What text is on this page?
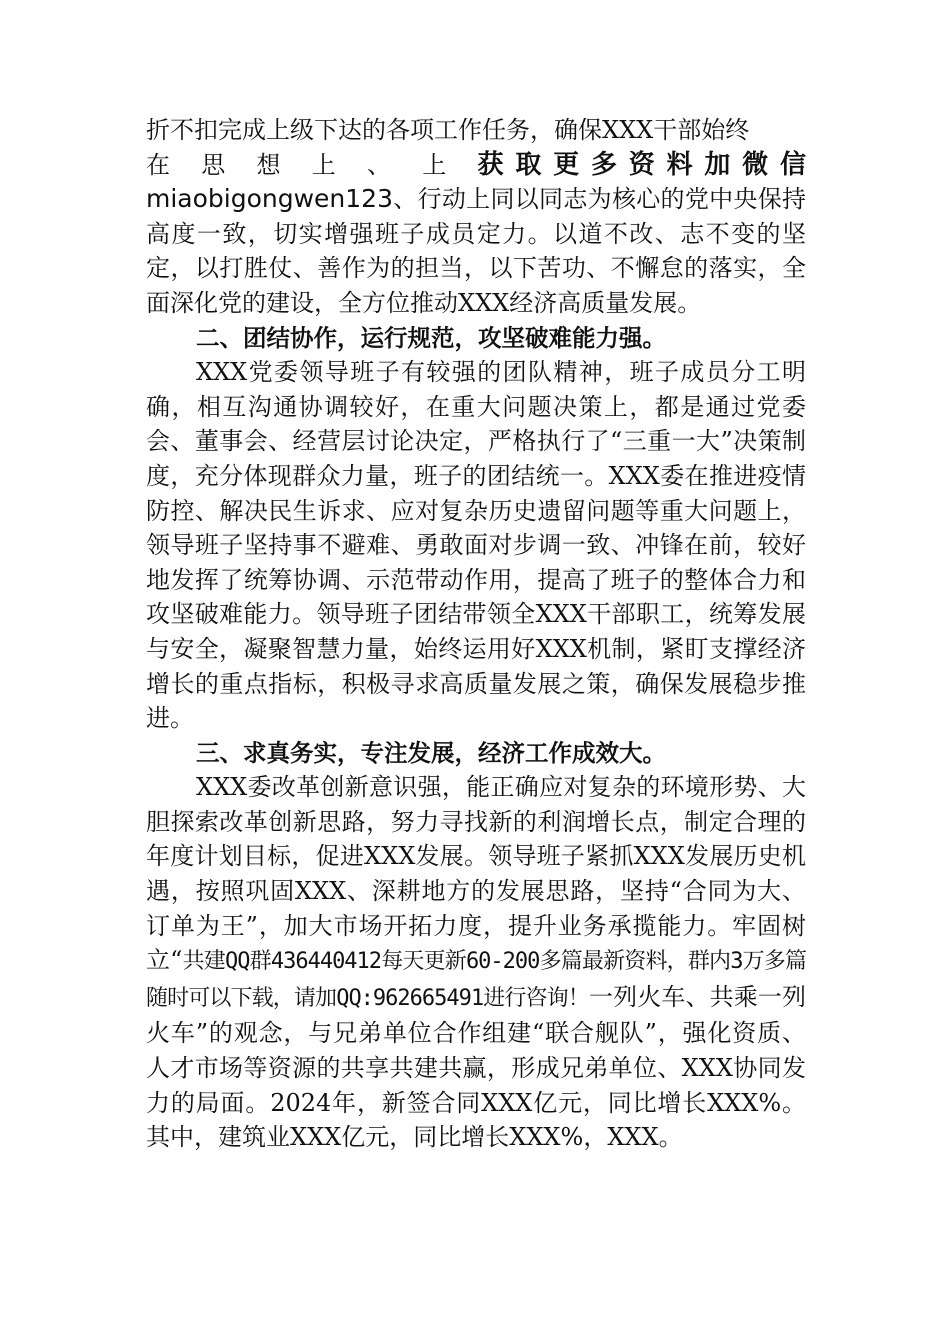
折不扣完成上级下达的各项工作任务，确保XXX干部始终

在 思 想 上 、 上 获取更多资料加微信
miaobigongwen123、行动上同以同志为核心的党中央保持高度一致，切实增强班子成员定力。以道不改、志不变的坚定，以打胜仗、善作为的担当，以下苦功、不懈怠的落实，全面深化党的建设，全方位推动XXX经济高质量发展。

二、团结协作，运行规范，攻坚破难能力强。

XXX党委领导班子有较强的团队精神，班子成员分工明确，相互沟通协调较好，在重大问题决策上，都是通过党委会、董事会、经营层讨论决定，严格执行了“三重一大”决策制度，充分体现群众力量，班子的团结统一。XXX委在推进疫情防控、解决民生诉求、应对复杂历史遗留问题等重大问题上，领导班子坚持事不避难、勇敢面对步调一致、冲锋在前，较好地发挥了统筹协调、示范带动作用，提高了班子的整体合力和攻坚破难能力。领导班子团结带领全XXX干部职工，统筹发展与安全，凝聚智慧力量，始终运用好XXX机制，紧盯支撑经济增长的重点指标，积极寻求高质量发展之策，确保发展稳步推进。

三、求真务实，专注发展，经济工作成效大。

XXX委改革创新意识强，能正确应对复杂的环境形势、大胆探索改革创新思路，努力寻找新的利润增长点，制定合理的年度计划目标，促进XXX发展。领导班子紧抓XXX发展历史机遇，按照巩固XXX、深耕地方的发展思路，坚持“合同为大、订单为王”，加大市场开拓力度，提升业务承揽能力。牢固树立“共建QQ群436440412每天更新60-200多篇最新资料，群内3万多篇随时可以下载，请加QQ:962665491进行咨询！一列火车、共乘一列火车”的观念，与兄弟单位合作组建“联合舰队”，强化资质、人才市场等资源的共享共建共赢，形成兄弟单位、XXX协同发力的局面。2024年，新签合同XXX亿元，同比增长XXX%。其中，建筑业XXX亿元，同比增长XXX%，XXX。
